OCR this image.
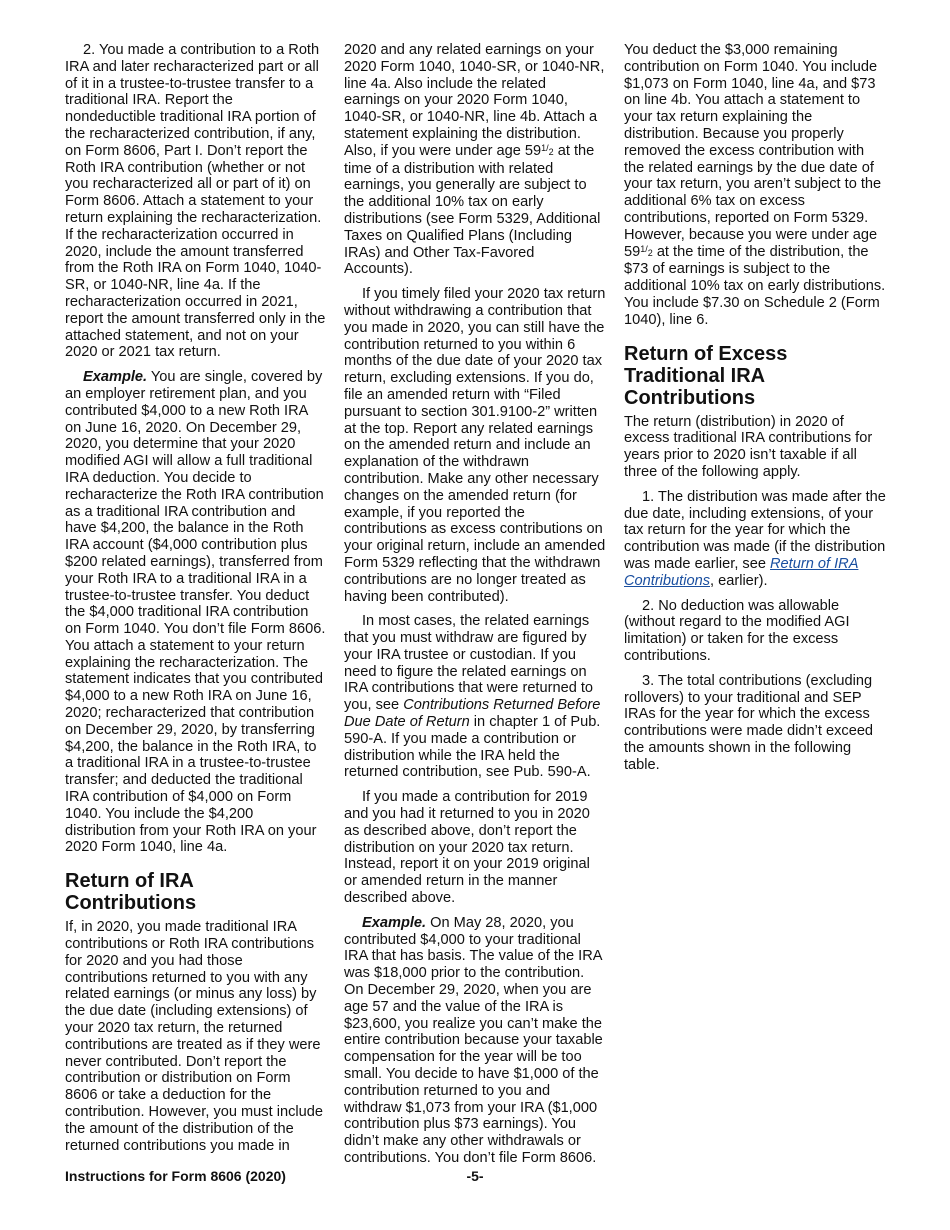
2. You made a contribution to a Roth IRA and later recharacterized part or all of it in a trustee-to-trustee transfer to a traditional IRA. Report the nondeductible traditional IRA portion of the recharacterized contribution, if any, on Form 8606, Part I. Don’t report the Roth IRA contribution (whether or not you recharacterized all or part of it) on Form 8606. Attach a statement to your return explaining the recharacterization. If the recharacterization occurred in 2020, include the amount transferred from the Roth IRA on Form 1040, 1040-SR, or 1040-NR, line 4a. If the recharacterization occurred in 2021, report the amount transferred only in the attached statement, and not on your 2020 or 2021 tax return.

Example. You are single, covered by an employer retirement plan, and you contributed $4,000 to a new Roth IRA on June 16, 2020. On December 29, 2020, you determine that your 2020 modified AGI will allow a full traditional IRA deduction. You decide to recharacterize the Roth IRA contribution as a traditional IRA contribution and have $4,200, the balance in the Roth IRA account ($4,000 contribution plus $200 related earnings), transferred from your Roth IRA to a traditional IRA in a trustee-to-trustee transfer. You deduct the $4,000 traditional IRA contribution on Form 1040. You don’t file Form 8606. You attach a statement to your return explaining the recharacterization. The statement indicates that you contributed $4,000 to a new Roth IRA on June 16, 2020; recharacterized that contribution on December 29, 2020, by transferring $4,200, the balance in the Roth IRA, to a traditional IRA in a trustee-to-trustee transfer; and deducted the traditional IRA contribution of $4,000 on Form 1040. You include the $4,200 distribution from your Roth IRA on your 2020 Form 1040, line 4a.

Return of IRA Contributions

If, in 2020, you made traditional IRA contributions or Roth IRA contributions for 2020 and you had those contributions returned to you with any related earnings (or minus any loss) by the due date (including extensions) of your 2020 tax return, the returned contributions are treated as if they were never contributed. Don’t report the contribution or distribution on Form 8606 or take a deduction for the contribution. However, you must include the amount of the distribution of the returned contributions you made in

2020 and any related earnings on your 2020 Form 1040, 1040-SR, or 1040-NR, line 4a. Also include the related earnings on your 2020 Form 1040, 1040-SR, or 1040-NR, line 4b. Attach a statement explaining the distribution. Also, if you were under age $59^{1/}2$ at the time of a distribution with related earnings, you generally are subject to the additional 10% tax on early distributions (see Form 5329, Additional Taxes on Qualified Plans (Including IRAs) and Other Tax-Favored Accounts).

If you timely filed your 2020 tax return without withdrawing a contribution that you made in 2020, you can still have the contribution returned to you within 6 months of the due date of your 2020 tax return, excluding extensions. If you do, file an amended return with “Filed pursuant to section 301.9100-2” written at the top. Report any related earnings on the amended return and include an explanation of the withdrawn contribution. Make any other necessary changes on the amended return (for example, if you reported the contributions as excess contributions on your original return, include an amended Form 5329 reflecting that the withdrawn contributions are no longer treated as having been contributed).

In most cases, the related earnings that you must withdraw are figured by your IRA trustee or custodian. If you need to figure the related earnings on IRA contributions that were returned to you, see Contributions Returned Before Due Date of Return in chapter 1 of Pub. 590-A. If you made a contribution or distribution while the IRA held the returned contribution, see Pub. 590-A.

If you made a contribution for 2019 and you had it returned to you in 2020 as described above, don’t report the distribution on your 2020 tax return. Instead, report it on your 2019 original or amended return in the manner described above.

Example. On May 28, 2020, you contributed $4,000 to your traditional IRA that has basis. The value of the IRA was $18,000 prior to the contribution. On December 29, 2020, when you are age 57 and the value of the IRA is $23,600, you realize you can’t make the entire contribution because your taxable compensation for the year will be too small. You decide to have $1,000 of the contribution returned to you and withdraw $1,073 from your IRA ($1,000 contribution plus $73 earnings). You didn’t make any other withdrawals or contributions. You don’t file Form 8606.

You deduct the $3,000 remaining contribution on Form 1040. You include $1,073 on Form 1040, line 4a, and $73 on line 4b. You attach a statement to your tax return explaining the distribution. Because you properly removed the excess contribution with the related earnings by the due date of your tax return, you aren’t subject to the additional 6% tax on excess contributions, reported on Form 5329. However, because you were under age $59^{1/}2$ at the time of the distribution, the $73 of earnings is subject to the additional 10% tax on early distributions. You include $7.30 on Schedule 2 (Form 1040), line 6.

Return of Excess Traditional IRA Contributions

The return (distribution) in 2020 of excess traditional IRA contributions for years prior to 2020 isn’t taxable if all three of the following apply.

1. The distribution was made after the due date, including extensions, of your tax return for the year for which the contribution was made (if the distribution was made earlier, see Return of IRA Contributions, earlier).

2. No deduction was allowable (without regard to the modified AGI limitation) or taken for the excess contributions.

3. The total contributions (excluding rollovers) to your traditional and SEP IRAs for the year for which the excess contributions were made didn’t exceed the amounts shown in the following table.

Instructions for Form 8606 (2020)	-5-
